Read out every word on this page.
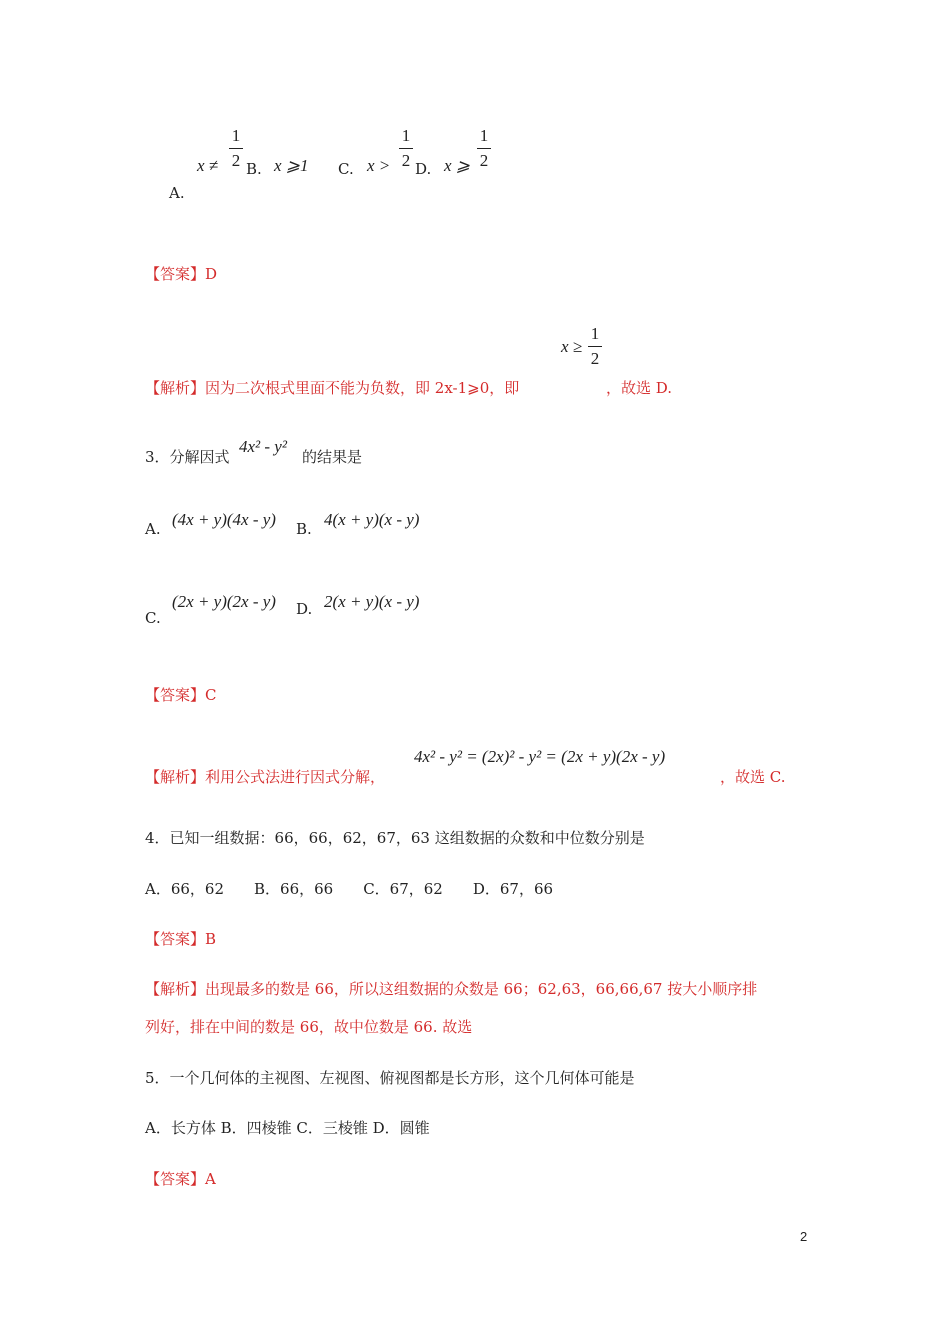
A.
x ≠
1
2 B. x ⩾1 C. x >
1
2 D. x ⩾
1
2
【答案】D
x ≥
1
2
【解析】因为二次根式里面不能为负数，即 2x-1⩾0，即	，故选 D.
3．分解因式
4x² - y²
的结果是
A. (4x + y)(4x - y) B. 4(x + y)(x - y)
C.
(2x + y)(2x - y) D. 2(x + y)(x - y)
【答案】C
4x² - y² = (2x)² - y² = (2x + y)(2x - y)
【解析】利用公式法进行因式分解，	，故选 C.
4．已知一组数据：66，66，62，67，63 这组数据的众数和中位数分别是
A．66，62　　B．66，66　　C．67，62　　D．67，66
【答案】B
【解析】出现最多的数是 66，所以这组数据的众数是 66；62,63，66,66,67 按大小顺序排
列好，排在中间的数是 66，故中位数是 66. 故选
5．一个几何体的主视图、左视图、俯视图都是长方形，这个几何体可能是
A．长方体 B．四棱锥 C．三棱锥 D．圆锥
【答案】A
2
